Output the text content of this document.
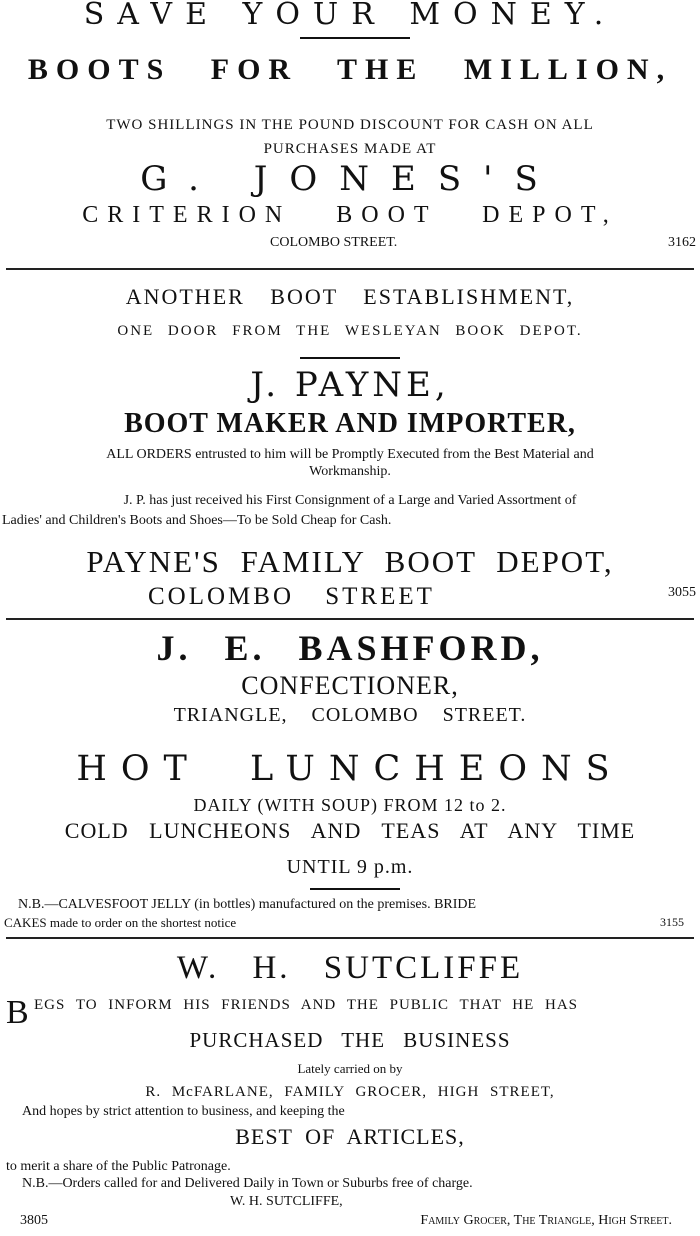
SAVE YOUR MONEY.
BOOTS FOR THE MILLION,
TWO SHILLINGS IN THE POUND DISCOUNT FOR CASH ON ALL
PURCHASES MADE AT
G. JONES'S
CRITERION BOOT DEPOT,
COLOMBO STREET.	3162
ANOTHER BOOT ESTABLISHMENT,
ONE DOOR FROM THE WESLEYAN BOOK DEPOT.
J. PAYNE,
BOOT MAKER AND IMPORTER,
ALL ORDERS entrusted to him will be Promptly Executed from the Best Material and
Workmanship.
J. P. has just received his First Consignment of a Large and Varied Assortment of
Ladies' and Children's Boots and Shoes—To be Sold Cheap for Cash.
PAYNE'S FAMILY BOOT DEPOT,
COLOMBO STREET	3055
J. E. BASHFORD,
CONFECTIONER,
TRIANGLE, COLOMBO STREET.
HOT LUNCHEONS
DAILY (WITH SOUP) FROM 12 to 2.
COLD LUNCHEONS AND TEAS AT ANY TIME
UNTIL 9 p.m.
N.B.—CALVESFOOT JELLY (in bottles) manufactured on the premises. BRIDE
CAKES made to order on the shortest notice	3155
W. H. SUTCLIFFE
B EGS TO INFORM HIS FRIENDS AND THE PUBLIC THAT HE HAS
PURCHASED THE BUSINESS
Lately carried on by
R. McFARLANE, FAMILY GROCER, HIGH STREET,
And hopes by strict attention to business, and keeping the
BEST OF ARTICLES,
to merit a share of the Public Patronage.
N.B.—Orders called for and Delivered Daily in Town or Suburbs free of charge.
W. H. SUTCLIFFE,
3805	Family Grocer, The Triangle, High Street.
